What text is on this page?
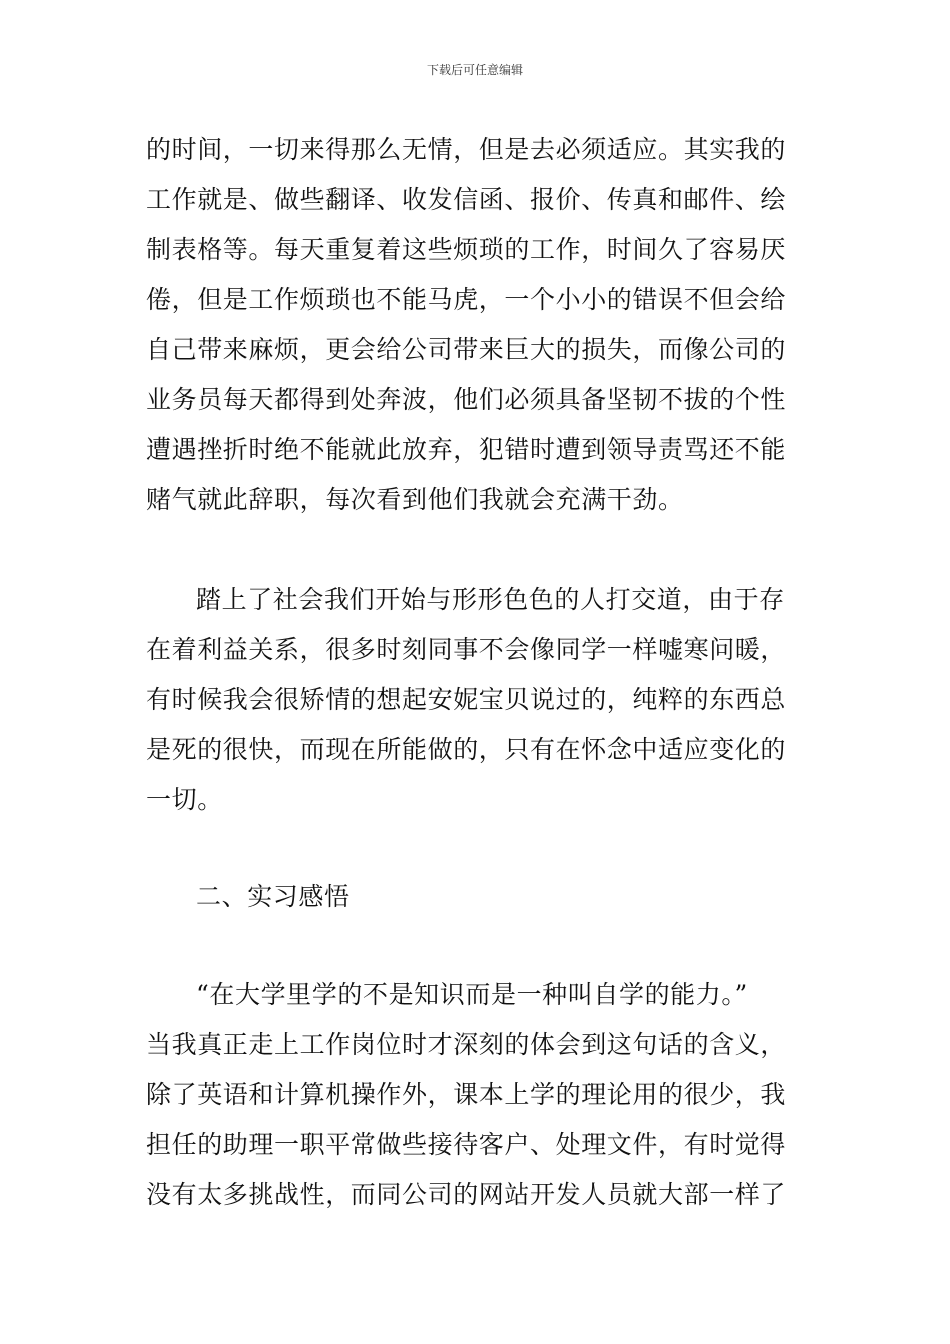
下载后可任意编辑
的时间，一切来得那么无情，但是去必须适应。其实我的
工作就是、做些翻译、收发信函、报价、传真和邮件、绘
制表格等。每天重复着这些烦琐的工作，时间久了容易厌
倦，但是工作烦琐也不能马虎，一个小小的错误不但会给
自己带来麻烦，更会给公司带来巨大的损失，而像公司的
业务员每天都得到处奔波，他们必须具备坚韧不拔的个性
遭遇挫折时绝不能就此放弃，犯错时遭到领导责骂还不能
赌气就此辞职，每次看到他们我就会充满干劲。
踏上了社会我们开始与形形色色的人打交道，由于存
在着利益关系，很多时刻同事不会像同学一样嘘寒问暖，
有时候我会很矫情的想起安妮宝贝说过的，纯粹的东西总
是死的很快，而现在所能做的，只有在怀念中适应变化的
一切。
二、实习感悟
“在大学里学的不是知识而是一种叫自学的能力。”
当我真正走上工作岗位时才深刻的体会到这句话的含义，
除了英语和计算机操作外，课本上学的理论用的很少，我
担任的助理一职平常做些接待客户、处理文件，有时觉得
没有太多挑战性，而同公司的网站开发人员就大部一样了
